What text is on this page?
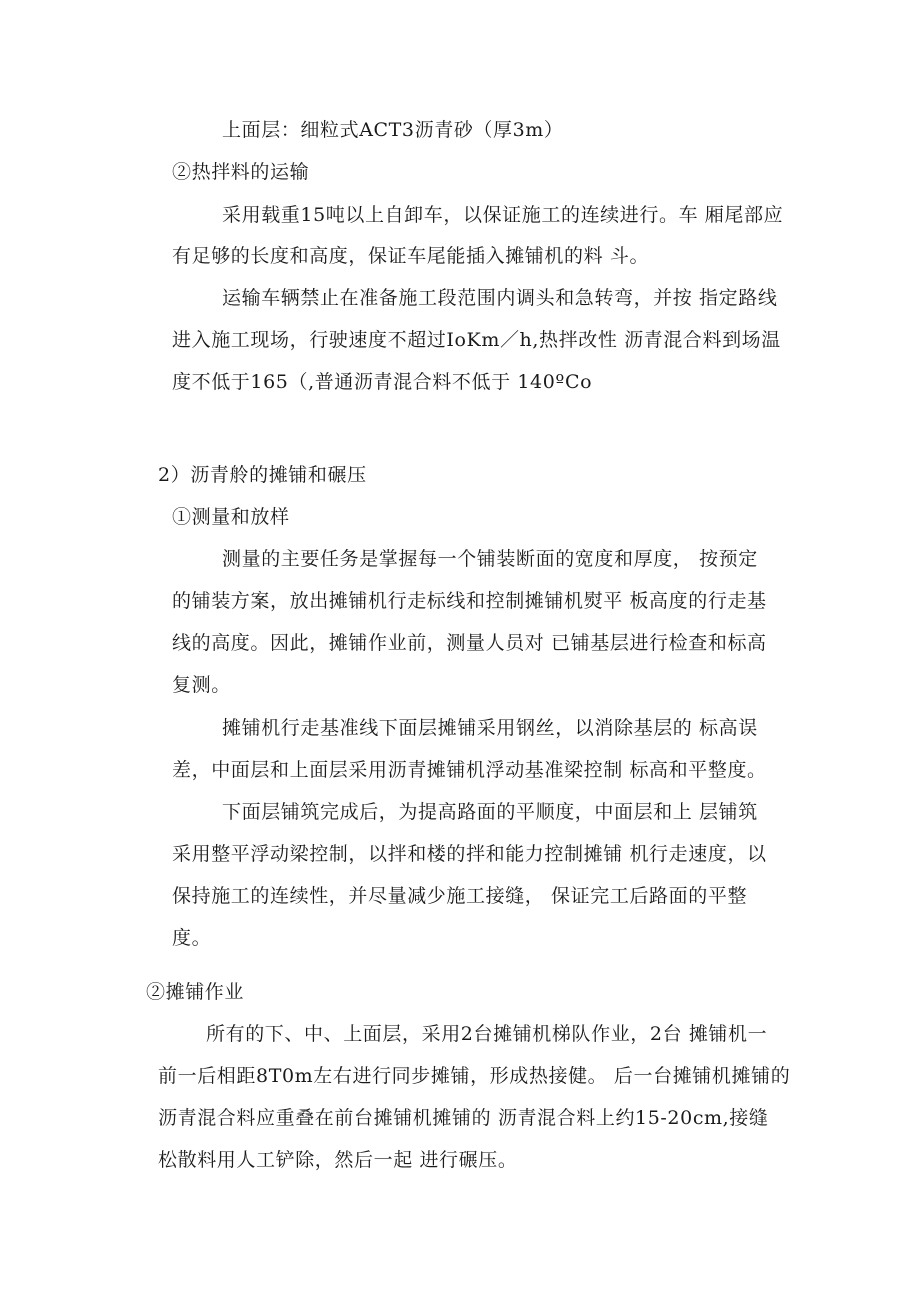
上面层：细粒式ACT3沥青砂（厚3m）
②热拌料的运输
采用载重15吨以上自卸车，以保证施工的连续进行。车 厢尾部应
有足够的长度和高度，保证车尾能插入摊铺机的料 斗。
运输车辆禁止在准备施工段范围内调头和急转弯，并按 指定路线
进入施工现场，行驶速度不超过IoKm／h,热拌改性 沥青混合料到场温
度不低于165（,普通沥青混合料不低于 140ºCo
2）沥青舲的摊铺和碾压
①测量和放样
测量的主要任务是掌握每一个铺装断面的宽度和厚度， 按预定
的铺装方案，放出摊铺机行走标线和控制摊铺机熨平 板高度的行走基
线的高度。因此，摊铺作业前，测量人员对 已铺基层进行检查和标高
复测。
摊铺机行走基准线下面层摊铺采用钢丝，以消除基层的 标高误
差，中面层和上面层采用沥青摊铺机浮动基准梁控制 标高和平整度。
下面层铺筑完成后，为提高路面的平顺度，中面层和上 层铺筑
采用整平浮动梁控制，以拌和楼的拌和能力控制摊铺 机行走速度，以
保持施工的连续性，并尽量减少施工接缝， 保证完工后路面的平整
度。
②摊铺作业
所有的下、中、上面层，采用2台摊铺机梯队作业，2台 摊铺机一
前一后相距8T0m左右进行同步摊铺，形成热接健。 后一台摊铺机摊铺的
沥青混合料应重叠在前台摊铺机摊铺的 沥青混合料上约15-20cm,接缝
松散料用人工铲除，然后一起 进行碾压。
